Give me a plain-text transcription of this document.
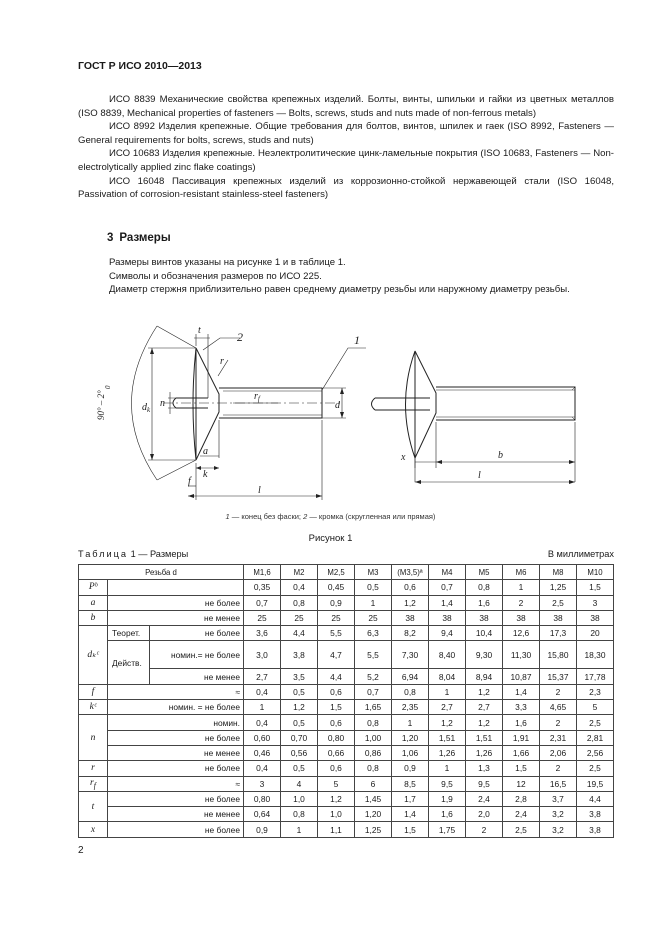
ГОСТ Р ИСО 2010—2013

ИСО 8839 Механические свойства крепежных изделий. Болты, винты, шпильки и гайки из цветных металлов (ISO 8839, Mechanical properties of fasteners — Bolts, screws, studs and nuts made of non-ferrous metals)

ИСО 8992 Изделия крепежные. Общие требования для болтов, винтов, шпилек и гаек (ISO 8992, Fasteners — General requirements for bolts, screws, studs and nuts)

ИСО 10683 Изделия крепежные. Неэлектролитические цинк-ламельные покрытия (ISO 10683, Fasteners — Non-electrolytically applied zinc flake coatings)

ИСО 16048 Пассивация крепежных изделий из коррозионно-стойкой нержавеющей стали (ISO 16048, Passivation of corrosion-resistant stainless-steel fasteners)

3 Размеры

Размеры винтов указаны на рисунке 1 и в таблице 1.

Символы и обозначения размеров по ИСО 225.

Диаметр стержня приблизительно равен среднему диаметру резьбы или наружному диаметру резьбы.

2	1
t
r
$r_f$
n
$d_k$	d
a
k
f
l
x	b
l
90° – 2°
0
1 — конец без фаски; 2 — кромка (скругленная или прямая)
Рисунок 1
Таблица 1 — Размеры	В миллиметрах
Резьба d			M1,6	M2	M2,5	M3	(M3,5)ª	M4	M5	M6	M8	M10
Pᵇ			0,35	0,4	0,45	0,5	0,6	0,7	0,8	1	1,25	1,5
a	не более		0,7	0,8	0,9	1	1,2	1,4	1,6	2	2,5	3
b	не менее		25	25	25	25	38	38	38	38	38	38
dₖᶜ	Теорет.	не более	3,6	4,4	5,5	6,3	8,2	9,4	10,4	12,6	17,3	20
	Действ.	номин.= не более	3,0	3,8	4,7	5,5	7,30	8,40	9,30	11,30	15,80	18,30
		не менее	2,7	3,5	4,4	5,2	6,94	8,04	8,94	10,87	15,37	17,78
f	≈		0,4	0,5	0,6	0,7	0,8	1	1,2	1,4	2	2,3
kᶜ	номин. = не более		1	1,2	1,5	1,65	2,35	2,7	2,7	3,3	4,65	5
n	номин.		0,4	0,5	0,6	0,8	1	1,2	1,2	1,6	2	2,5
	не более		0,60	0,70	0,80	1,00	1,20	1,51	1,51	1,91	2,31	2,81
	не менее		0,46	0,56	0,66	0,86	1,06	1,26	1,26	1,66	2,06	2,56
r	не более		0,4	0,5	0,6	0,8	0,9	1	1,3	1,5	2	2,5
$r_f$	≈		3	4	5	6	8,5	9,5	9,5	12	16,5	19,5
t	не более		0,80	1,0	1,2	1,45	1,7	1,9	2,4	2,8	3,7	4,4
	не менее		0,64	0,8	1,0	1,20	1,4	1,6	2,0	2,4	3,2	3,8
x	не более		0,9	1	1,1	1,25	1,5	1,75	2	2,5	3,2	3,8
2
